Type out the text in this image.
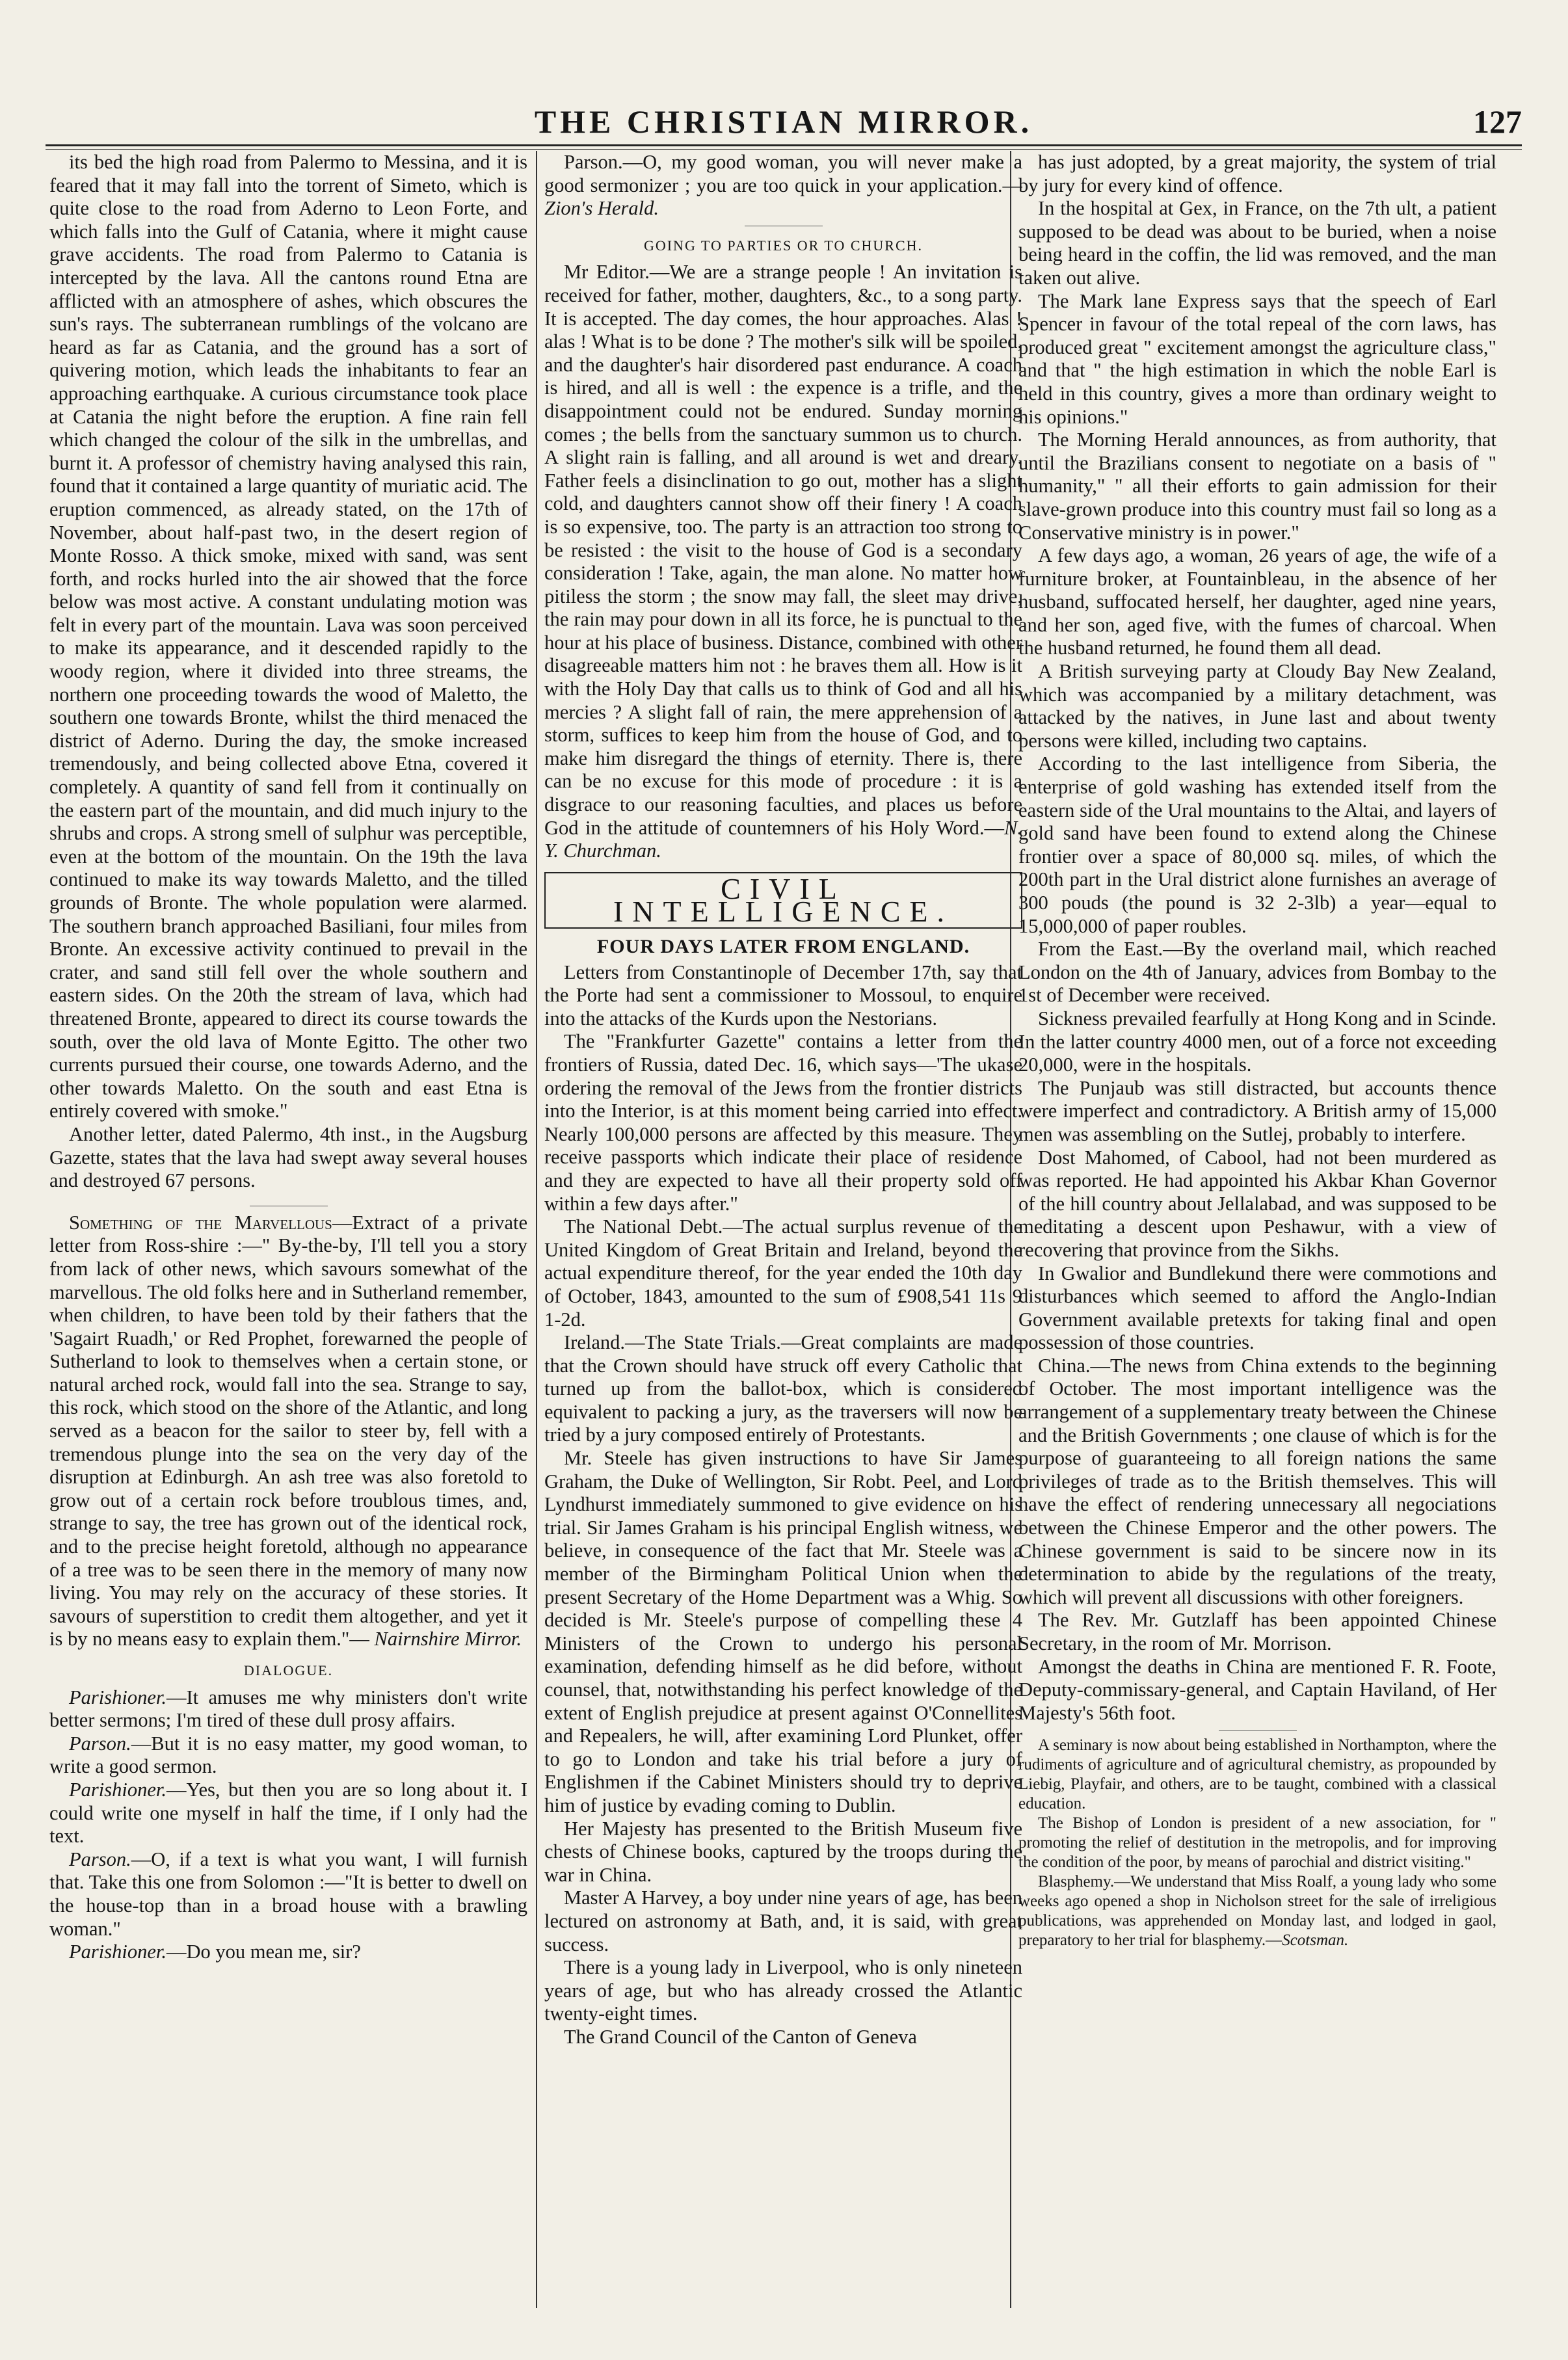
THE CHRISTIAN MIRROR.	127

its bed the high road from Palermo to Messina, and it is feared that it may fall into the torrent of Simeto, which is quite close to the road from Aderno to Leon Forte, and which falls into the Gulf of Catania, where it might cause grave accidents. The road from Palermo to Catania is intercepted by the lava. All the cantons round Etna are afflicted with an atmosphere of ashes, which obscures the sun's rays. The subterranean rumblings of the volcano are heard as far as Catania, and the ground has a sort of quivering motion, which leads the inhabitants to fear an approaching earthquake. A curious circumstance took place at Catania the night before the eruption. A fine rain fell which changed the colour of the silk in the umbrellas, and burnt it. A professor of chemistry having analysed this rain, found that it contained a large quantity of muriatic acid. The eruption commenced, as already stated, on the 17th of November, about half-past two, in the desert region of Monte Rosso. A thick smoke, mixed with sand, was sent forth, and rocks hurled into the air showed that the force below was most active. A constant undulating motion was felt in every part of the mountain. Lava was soon perceived to make its appearance, and it descended rapidly to the woody region, where it divided into three streams, the northern one proceeding towards the wood of Maletto, the southern one towards Bronte, whilst the third menaced the district of Aderno. During the day, the smoke increased tremendously, and being collected above Etna, covered it completely. A quantity of sand fell from it continually on the eastern part of the mountain, and did much injury to the shrubs and crops. A strong smell of sulphur was perceptible, even at the bottom of the mountain. On the 19th the lava continued to make its way towards Maletto, and the tilled grounds of Bronte. The whole population were alarmed. The southern branch approached Basiliani, four miles from Bronte. An excessive activity continued to prevail in the crater, and sand still fell over the whole southern and eastern sides. On the 20th the stream of lava, which had threatened Bronte, appeared to direct its course towards the south, over the old lava of Monte Egitto. The other two currents pursued their course, one towards Aderno, and the other towards Maletto. On the south and east Etna is entirely covered with smoke."

Another letter, dated Palermo, 4th inst., in the Augsburg Gazette, states that the lava had swept away several houses and destroyed 67 persons.

Something of the Marvellous—Extract of a private letter from Ross-shire :—" By-the-by, I'll tell you a story from lack of other news, which savours somewhat of the marvellous. The old folks here and in Sutherland remember, when children, to have been told by their fathers that the 'Sagairt Ruadh,' or Red Prophet, forewarned the people of Sutherland to look to themselves when a certain stone, or natural arched rock, would fall into the sea. Strange to say, this rock, which stood on the shore of the Atlantic, and long served as a beacon for the sailor to steer by, fell with a tremendous plunge into the sea on the very day of the disruption at Edinburgh. An ash tree was also foretold to grow out of a certain rock before troublous times, and, strange to say, the tree has grown out of the identical rock, and to the precise height foretold, although no appearance of a tree was to be seen there in the memory of many now living. You may rely on the accuracy of these stories. It savours of superstition to credit them altogether, and yet it is by no means easy to explain them."— Nairnshire Mirror.

DIALOGUE.

Parishioner.—It amuses me why ministers don't write better sermons; I'm tired of these dull prosy affairs.

Parson.—But it is no easy matter, my good woman, to write a good sermon.

Parishioner.—Yes, but then you are so long about it. I could write one myself in half the time, if I only had the text.

Parson.—O, if a text is what you want, I will furnish that. Take this one from Solomon :—"It is better to dwell on the house-top than in a broad house with a brawling woman."

Parishioner.—Do you mean me, sir?

Parson.—O, my good woman, you will never make a good sermonizer ; you are too quick in your application.—Zion's Herald.

GOING TO PARTIES OR TO CHURCH.

Mr Editor.—We are a strange people ! An invitation is received for father, mother, daughters, &c., to a song party. It is accepted. The day comes, the hour approaches. Alas ! alas ! What is to be done ? The mother's silk will be spoiled, and the daughter's hair disordered past endurance. A coach is hired, and all is well : the expence is a trifle, and the disappointment could not be endured. Sunday morning comes ; the bells from the sanctuary summon us to church. A slight rain is falling, and all around is wet and dreary. Father feels a disinclination to go out, mother has a slight cold, and daughters cannot show off their finery ! A coach is so expensive, too. The party is an attraction too strong to be resisted : the visit to the house of God is a secondary consideration ! Take, again, the man alone. No matter how pitiless the storm ; the snow may fall, the sleet may drive, the rain may pour down in all its force, he is punctual to the hour at his place of business. Distance, combined with other disagreeable matters him not : he braves them all. How is it with the Holy Day that calls us to think of God and all his mercies ? A slight fall of rain, the mere apprehension of a storm, suffices to keep him from the house of God, and to make him disregard the things of eternity. There is, there can be no excuse for this mode of procedure : it is a disgrace to our reasoning faculties, and places us before God in the attitude of countemners of his Holy Word.—N. Y. Churchman.

CIVIL INTELLIGENCE.
FOUR DAYS LATER FROM ENGLAND.

Letters from Constantinople of December 17th, say that the Porte had sent a commissioner to Mossoul, to enquire into the attacks of the Kurds upon the Nestorians.

The "Frankfurter Gazette" contains a letter from the frontiers of Russia, dated Dec. 16, which says—'The ukase ordering the removal of the Jews from the frontier districts into the Interior, is at this moment being carried into effect. Nearly 100,000 persons are affected by this measure. They receive passports which indicate their place of residence and they are expected to have all their property sold off within a few days after."

The National Debt.—The actual surplus revenue of the United Kingdom of Great Britain and Ireland, beyond the actual expenditure thereof, for the year ended the 10th day of October, 1843, amounted to the sum of £908,541 11s 9 1-2d.

Ireland.—The State Trials.—Great complaints are made that the Crown should have struck off every Catholic that turned up from the ballot-box, which is considered equivalent to packing a jury, as the traversers will now be tried by a jury composed entirely of Protestants.

Mr. Steele has given instructions to have Sir James Graham, the Duke of Wellington, Sir Robt. Peel, and Lord Lyndhurst immediately summoned to give evidence on his trial. Sir James Graham is his principal English witness, we believe, in consequence of the fact that Mr. Steele was a member of the Birmingham Political Union when the present Secretary of the Home Department was a Whig. So decided is Mr. Steele's purpose of compelling these 4 Ministers of the Crown to undergo his personal examination, defending himself as he did before, without counsel, that, notwithstanding his perfect knowledge of the extent of English prejudice at present against O'Connellites and Repealers, he will, after examining Lord Plunket, offer to go to London and take his trial before a jury of Englishmen if the Cabinet Ministers should try to deprive him of justice by evading coming to Dublin.

Her Majesty has presented to the British Museum five chests of Chinese books, captured by the troops during the war in China.

Master A Harvey, a boy under nine years of age, has been lectured on astronomy at Bath, and, it is said, with great success.

There is a young lady in Liverpool, who is only nineteen years of age, but who has already crossed the Atlantic twenty-eight times.

The Grand Council of the Canton of Geneva

has just adopted, by a great majority, the system of trial by jury for every kind of offence.

In the hospital at Gex, in France, on the 7th ult, a patient supposed to be dead was about to be buried, when a noise being heard in the coffin, the lid was removed, and the man taken out alive.

The Mark lane Express says that the speech of Earl Spencer in favour of the total repeal of the corn laws, has produced great " excitement amongst the agriculture class," and that " the high estimation in which the noble Earl is held in this country, gives a more than ordinary weight to his opinions."

The Morning Herald announces, as from authority, that until the Brazilians consent to negotiate on a basis of " humanity," " all their efforts to gain admission for their slave-grown produce into this country must fail so long as a Conservative ministry is in power."

A few days ago, a woman, 26 years of age, the wife of a furniture broker, at Fountainbleau, in the absence of her husband, suffocated herself, her daughter, aged nine years, and her son, aged five, with the fumes of charcoal. When the husband returned, he found them all dead.

A British surveying party at Cloudy Bay New Zealand, which was accompanied by a military detachment, was attacked by the natives, in June last and about twenty persons were killed, including two captains.

According to the last intelligence from Siberia, the enterprise of gold washing has extended itself from the eastern side of the Ural mountains to the Altai, and layers of gold sand have been found to extend along the Chinese frontier over a space of 80,000 sq. miles, of which the 200th part in the Ural district alone furnishes an average of 300 pouds (the pound is 32 2-3lb) a year—equal to 15,000,000 of paper roubles.

From the East.—By the overland mail, which reached London on the 4th of January, advices from Bombay to the 1st of December were received.

Sickness prevailed fearfully at Hong Kong and in Scinde. In the latter country 4000 men, out of a force not exceeding 20,000, were in the hospitals.

The Punjaub was still distracted, but accounts thence were imperfect and contradictory. A British army of 15,000 men was assembling on the Sutlej, probably to interfere.

Dost Mahomed, of Cabool, had not been murdered as was reported. He had appointed his Akbar Khan Governor of the hill country about Jellalabad, and was supposed to be meditating a descent upon Peshawur, with a view of recovering that province from the Sikhs.

In Gwalior and Bundlekund there were commotions and disturbances which seemed to afford the Anglo-Indian Government available pretexts for taking final and open possession of those countries.

China.—The news from China extends to the beginning of October. The most important intelligence was the arrangement of a supplementary treaty between the Chinese and the British Governments ; one clause of which is for the purpose of guaranteeing to all foreign nations the same privileges of trade as to the British themselves. This will have the effect of rendering unnecessary all negociations between the Chinese Emperor and the other powers. The Chinese government is said to be sincere now in its determination to abide by the regulations of the treaty, which will prevent all discussions with other foreigners.

The Rev. Mr. Gutzlaff has been appointed Chinese Secretary, in the room of Mr. Morrison.

Amongst the deaths in China are mentioned F. R. Foote, Deputy-commissary-general, and Captain Haviland, of Her Majesty's 56th foot.

A seminary is now about being established in Northampton, where the rudiments of agriculture and of agricultural chemistry, as propounded by Liebig, Playfair, and others, are to be taught, combined with a classical education.

The Bishop of London is president of a new association, for " promoting the relief of destitution in the metropolis, and for improving the condition of the poor, by means of parochial and district visiting."

Blasphemy.—We understand that Miss Roalf, a young lady who some weeks ago opened a shop in Nicholson street for the sale of irreligious publications, was apprehended on Monday last, and lodged in gaol, preparatory to her trial for blasphemy.—Scotsman.
